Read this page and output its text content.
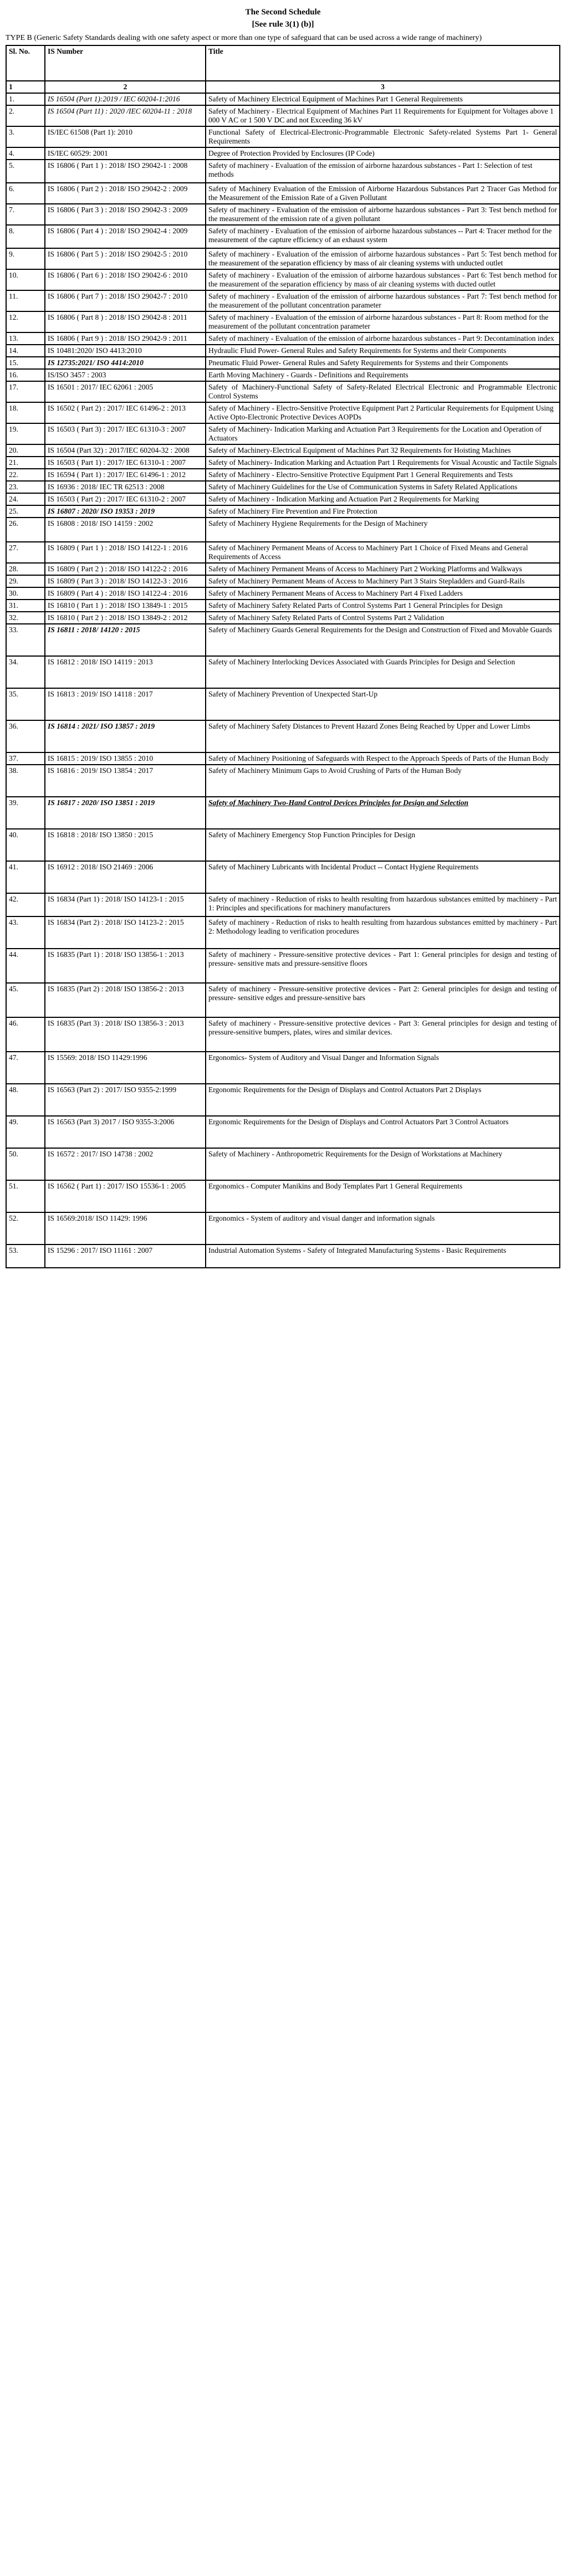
The Second Schedule

[See rule 3(1) (b)]

TYPE B (Generic Safety Standards dealing with one safety aspect or more than one type of safeguard that can be used across a wide range of machinery)

Sl. No.	IS Number	Title
1	2	3
1.	IS 16504 (Part 1):2019 / IEC 60204-1:2016	Safety of Machinery Electrical Equipment of Machines Part 1 General Requirements
2.	IS 16504 (Part 11) : 2020 /IEC 60204-11 : 2018	Safety of Machinery - Electrical Equipment of Machines Part 11 Requirements for Equipment for Voltages above 1 000 V AC or 1 500 V DC and not Exceeding 36 kV
3.	IS/IEC 61508 (Part 1): 2010	Functional Safety of Electrical-Electronic-Programmable Electronic Safety-related Systems Part 1- General Requirements
4.	IS/IEC 60529: 2001	Degree of Protection Provided by Enclosures (IP Code)
5.	IS 16806 ( Part 1 ) : 2018/ ISO 29042-1 : 2008	Safety of machinery - Evaluation of the emission of airborne hazardous substances - Part 1: Selection of test methods
6.	IS 16806 ( Part 2 ) : 2018/ ISO 29042-2 : 2009	Safety of Machinery Evaluation of the Emission of Airborne Hazardous Substances Part 2 Tracer Gas Method for the Measurement of the Emission Rate of a Given Pollutant
7.	IS 16806 ( Part 3 ) : 2018/ ISO 29042-3 : 2009	Safety of machinery - Evaluation of the emission of airborne hazardous substances - Part 3: Test bench method for the measurement of the emission rate of a given pollutant
8.	IS 16806 ( Part 4 ) : 2018/ ISO 29042-4 : 2009	Safety of machinery - Evaluation of the emission of airborne hazardous substances -- Part 4: Tracer method for the measurement of the capture efficiency of an exhaust system
9.	IS 16806 ( Part 5 ) : 2018/ ISO 29042-5 : 2010	Safety of machinery - Evaluation of the emission of airborne hazardous substances - Part 5: Test bench method for the measurement of the separation efficiency by mass of air cleaning systems with unducted outlet
10.	IS 16806 ( Part 6 ) : 2018/ ISO 29042-6 : 2010	Safety of machinery - Evaluation of the emission of airborne hazardous substances - Part 6: Test bench method for the measurement of the separation efficiency by mass of air cleaning systems with ducted outlet
11.	IS 16806 ( Part 7 ) : 2018/ ISO 29042-7 : 2010	Safety of machinery - Evaluation of the emission of airborne hazardous substances - Part 7: Test bench method for the measurement of the pollutant concentration parameter
12.	IS 16806 ( Part 8 ) : 2018/ ISO 29042-8 : 2011	Safety of machinery - Evaluation of the emission of airborne hazardous substances - Part 8: Room method for the measurement of the pollutant concentration parameter
13.	IS 16806 ( Part 9 ) : 2018/ ISO 29042-9 : 2011	Safety of machinery - Evaluation of the emission of airborne hazardous substances - Part 9: Decontamination index
14.	IS 10481:2020/ ISO 4413:2010	Hydraulic Fluid Power- General Rules and Safety Requirements for Systems and their Components
15.	IS 12735:2021/ ISO 4414:2010	Pneumatic Fluid Power- General Rules and Safety Requirements for Systems and their Components
16.	IS/ISO 3457 : 2003	Earth Moving Machinery - Guards - Definitions and Requirements
17.	IS 16501 : 2017/ IEC 62061 : 2005	Safety of Machinery-Functional Safety of Safety-Related Electrical Electronic and Programmable Electronic Control Systems
18.	IS 16502 ( Part 2) : 2017/ IEC 61496-2 : 2013	Safety of Machinery - Electro-Sensitive Protective Equipment Part 2 Particular Requirements for Equipment Using Active Opto-Electronic Protective Devices AOPDs
19.	IS 16503 ( Part 3) : 2017/ IEC 61310-3 : 2007	Safety of Machinery- Indication Marking and Actuation Part 3 Requirements for the Location and Operation of Actuators
20.	IS 16504 (Part 32) : 2017/IEC 60204-32 : 2008	Safety of Machinery-Electrical Equipment of Machines Part 32 Requirements for Hoisting Machines
21.	IS 16503 ( Part 1) : 2017/ IEC 61310-1 : 2007	Safety of Machinery- Indication Marking and Actuation Part 1 Requirements for Visual Acoustic and Tactile Signals
22.	IS 16594 ( Part 1) : 2017/ IEC 61496-1 : 2012	Safety of Machinery - Electro-Sensitive Protective Equipment Part 1 General Requirements and Tests
23.	IS 16936 : 2018/ IEC TR 62513 : 2008	Safety of Machinery Guidelines for the Use of Communication Systems in Safety Related Applications
24.	IS 16503 ( Part 2) : 2017/ IEC 61310-2 : 2007	Safety of Machinery - Indication Marking and Actuation Part 2 Requirements for Marking
25.	IS 16807 : 2020/ ISO 19353 : 2019	Safety of Machinery Fire Prevention and Fire Protection
26.	IS 16808 : 2018/ ISO 14159 : 2002	Safety of Machinery Hygiene Requirements for the Design of Machinery
27.	IS 16809 ( Part 1 ) : 2018/ ISO 14122-1 : 2016	Safety of Machinery Permanent Means of Access to Machinery Part 1 Choice of Fixed Means and General Requirements of Access
28.	IS 16809 ( Part 2 ) : 2018/ ISO 14122-2 : 2016	Safety of Machinery Permanent Means of Access to Machinery Part 2 Working Platforms and Walkways
29.	IS 16809 ( Part 3 ) : 2018/ ISO 14122-3 : 2016	Safety of Machinery Permanent Means of Access to Machinery Part 3 Stairs Stepladders and Guard-Rails
30.	IS 16809 ( Part 4 ) : 2018/ ISO 14122-4 : 2016	Safety of Machinery Permanent Means of Access to Machinery Part 4 Fixed Ladders
31.	IS 16810 ( Part 1 ) : 2018/ ISO 13849-1 : 2015	Safety of Machinery Safety Related Parts of Control Systems Part 1 General Principles for Design
32.	IS 16810 ( Part 2 ) : 2018/ ISO 13849-2 : 2012	Safety of Machinery Safety Related Parts of Control Systems Part 2 Validation
33.	IS 16811 : 2018/ 14120 : 2015	Safety of Machinery Guards General Requirements for the Design and Construction of Fixed and Movable Guards
34.	IS 16812 : 2018/ ISO 14119 : 2013	Safety of Machinery Interlocking Devices Associated with Guards Principles for Design and Selection
35.	IS 16813 : 2019/ ISO 14118 : 2017	Safety of Machinery Prevention of Unexpected Start-Up
36.	IS 16814 : 2021/ ISO 13857 : 2019	Safety of Machinery Safety Distances to Prevent Hazard Zones Being Reached by Upper and Lower Limbs
37.	IS 16815 : 2019/ ISO 13855 : 2010	Safety of Machinery Positioning of Safeguards with Respect to the Approach Speeds of Parts of the Human Body
38.	IS 16816 : 2019/ ISO 13854 : 2017	Safety of Machinery Minimum Gaps to Avoid Crushing of Parts of the Human Body
39.	IS 16817 : 2020/ ISO 13851 : 2019	Safety of Machinery Two-Hand Control Devices Principles for Design and Selection
40.	IS 16818 : 2018/ ISO 13850 : 2015	Safety of Machinery Emergency Stop Function Principles for Design
41.	IS 16912 : 2018/ ISO 21469 : 2006	Safety of Machinery Lubricants with Incidental Product -- Contact Hygiene Requirements
42.	IS 16834 (Part 1) : 2018/ ISO 14123-1 : 2015	Safety of machinery - Reduction of risks to health resulting from hazardous substances emitted by machinery - Part 1: Principles and specifications for machinery manufacturers
43.	IS 16834 (Part 2) : 2018/ ISO 14123-2 : 2015	Safety of machinery - Reduction of risks to health resulting from hazardous substances emitted by machinery - Part 2: Methodology leading to verification procedures
44.	IS 16835 (Part 1) : 2018/ ISO 13856-1 : 2013	Safety of machinery - Pressure-sensitive protective devices - Part 1: General principles for design and testing of pressure- sensitive mats and pressure-sensitive floors
45.	IS 16835 (Part 2) : 2018/ ISO 13856-2 : 2013	Safety of machinery - Pressure-sensitive protective devices - Part 2: General principles for design and testing of pressure- sensitive edges and pressure-sensitive bars
46.	IS 16835 (Part 3) : 2018/ ISO 13856-3 : 2013	Safety of machinery - Pressure-sensitive protective devices - Part 3: General principles for design and testing of pressure-sensitive bumpers, plates, wires and similar devices.
47.	IS 15569: 2018/ ISO 11429:1996	Ergonomics- System of Auditory and Visual Danger and Information Signals
48.	IS 16563 (Part 2) : 2017/ ISO 9355-2:1999	Ergonomic Requirements for the Design of Displays and Control Actuators Part 2 Displays
49.	IS 16563 (Part 3) 2017 / ISO 9355-3:2006	Ergonomic Requirements for the Design of Displays and Control Actuators Part 3 Control Actuators
50.	IS 16572 : 2017/ ISO 14738 : 2002	Safety of Machinery - Anthropometric Requirements for the Design of Workstations at Machinery
51.	IS 16562 ( Part 1) : 2017/ ISO 15536-1 : 2005	Ergonomics - Computer Manikins and Body Templates Part 1 General Requirements
52.	IS 16569:2018/ ISO 11429: 1996	Ergonomics - System of auditory and visual danger and information signals
53.	IS 15296 : 2017/ ISO 11161 : 2007	Industrial Automation Systems - Safety of Integrated Manufacturing Systems - Basic Requirements
